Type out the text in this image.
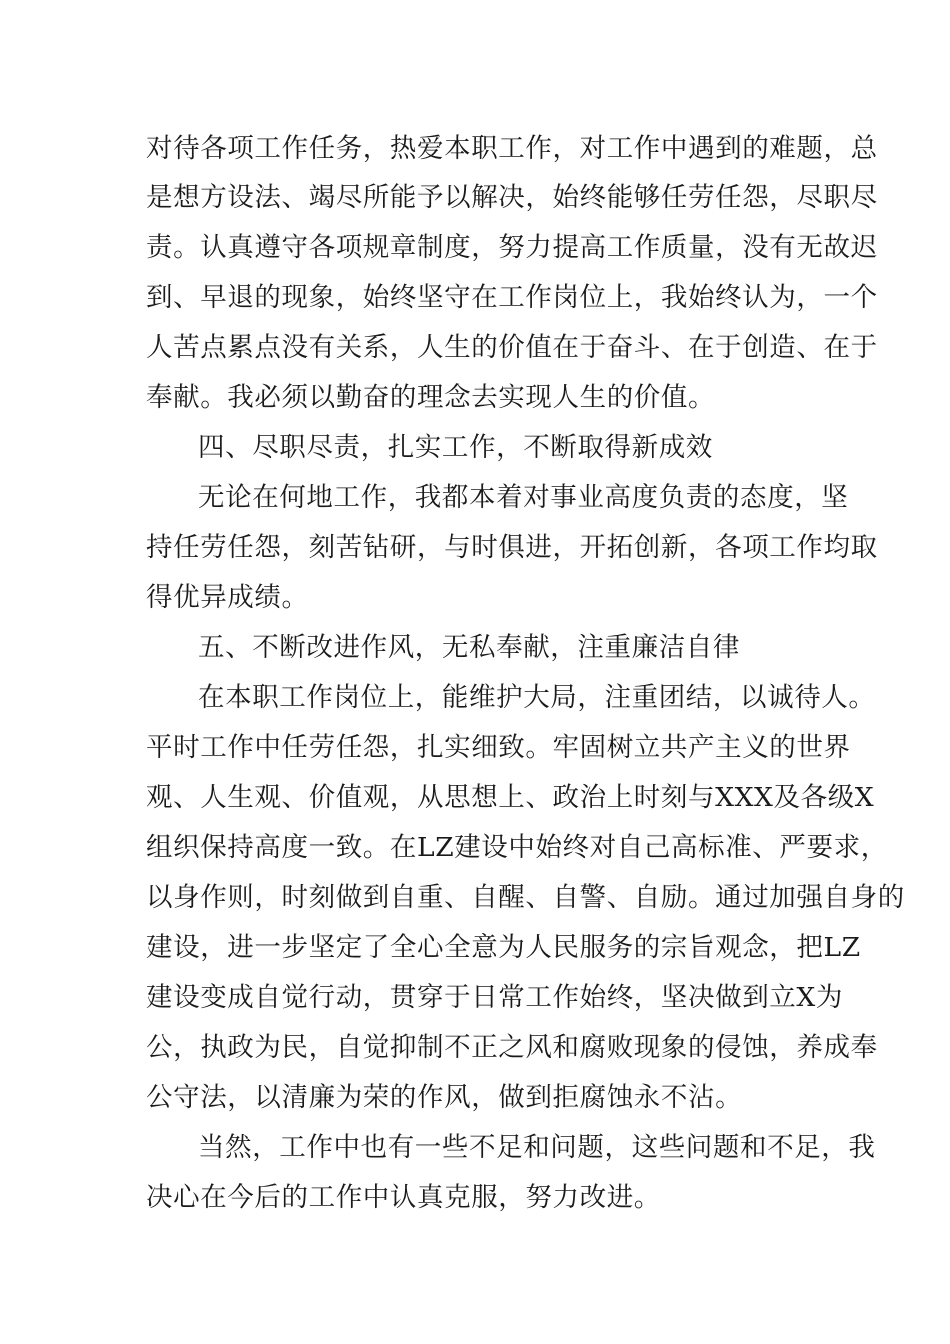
对待各项工作任务，热爱本职工作，对工作中遇到的难题，总
是想方设法、竭尽所能予以解决，始终能够任劳任怨，尽职尽
责。认真遵守各项规章制度，努力提高工作质量，没有无故迟
到、早退的现象，始终坚守在工作岗位上，我始终认为，一个
人苦点累点没有关系，人生的价值在于奋斗、在于创造、在于
奉献。我必须以勤奋的理念去实现人生的价值。
四、尽职尽责，扎实工作，不断取得新成效
无论在何地工作，我都本着对事业高度负责的态度，坚
持任劳任怨，刻苦钻研，与时俱进，开拓创新，各项工作均取
得优异成绩。
五、不断改进作风，无私奉献，注重廉洁自律
在本职工作岗位上，能维护大局，注重团结，以诚待人。
平时工作中任劳任怨，扎实细致。牢固树立共产主义的世界
观、人生观、价值观，从思想上、政治上时刻与XXX及各级X
组织保持高度一致。在LZ建设中始终对自己高标准、严要求，
以身作则，时刻做到自重、自醒、自警、自励。通过加强自身的
建设，进一步坚定了全心全意为人民服务的宗旨观念，把LZ
建设变成自觉行动，贯穿于日常工作始终，坚决做到立X为
公，执政为民，自觉抑制不正之风和腐败现象的侵蚀，养成奉
公守法，以清廉为荣的作风，做到拒腐蚀永不沾。
当然，工作中也有一些不足和问题，这些问题和不足，我
决心在今后的工作中认真克服，努力改进。
